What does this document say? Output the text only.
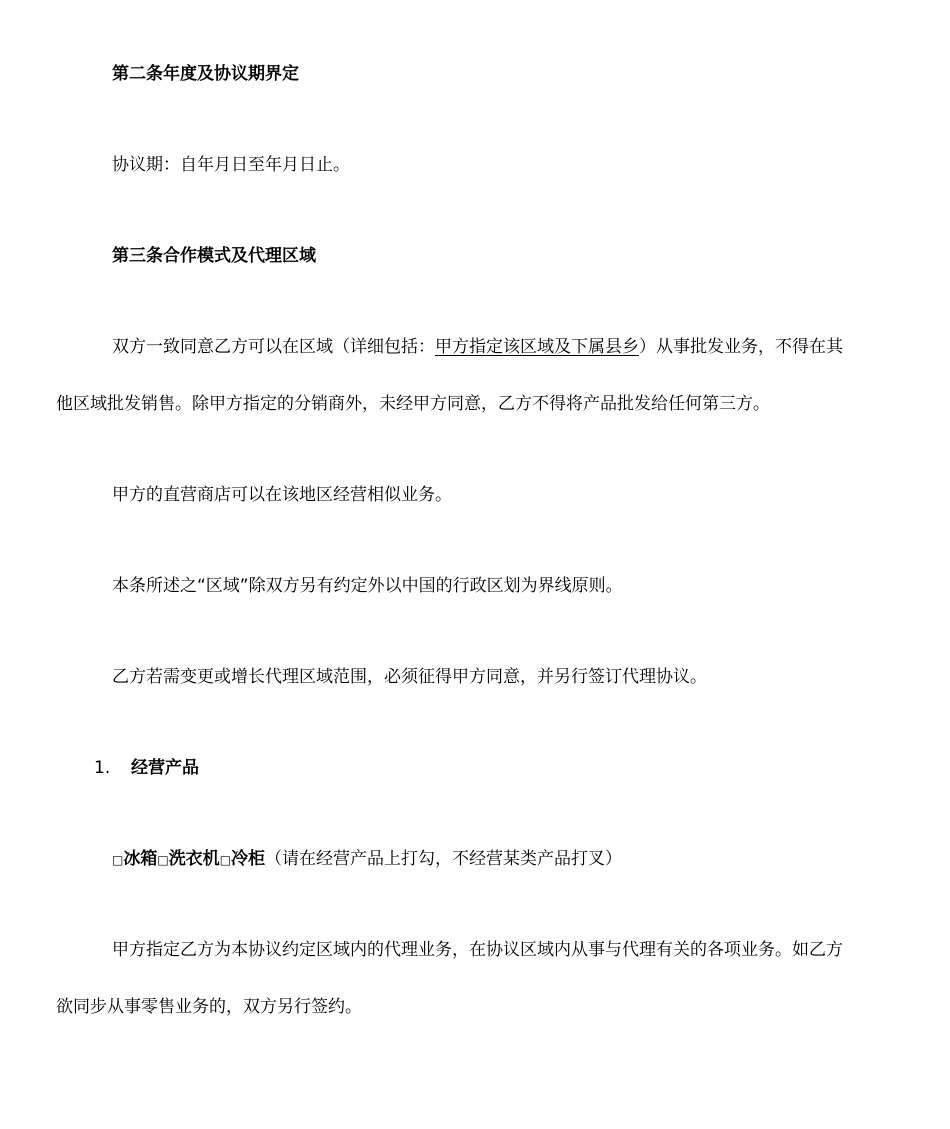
第二条年度及协议期界定
协议期：自年月日至年月日止。
第三条合作模式及代理区域
双方一致同意乙方可以在区域（详细包括：甲方指定该区域及下属县乡）从事批发业务，不得在其
他区域批发销售。除甲方指定的分销商外，未经甲方同意，乙方不得将产品批发给任何第三方。
甲方的直营商店可以在该地区经营相似业务。
本条所述之“区域”除双方另有约定外以中国的行政区划为界线原则。
乙方若需变更或增长代理区域范围，必须征得甲方同意，并另行签订代理协议。
1. 经营产品
□冰箱□洗衣机□冷柜（请在经营产品上打勾，不经营某类产品打叉）
甲方指定乙方为本协议约定区域内的代理业务，在协议区域内从事与代理有关的各项业务。如乙方
欲同步从事零售业务的，双方另行签约。
